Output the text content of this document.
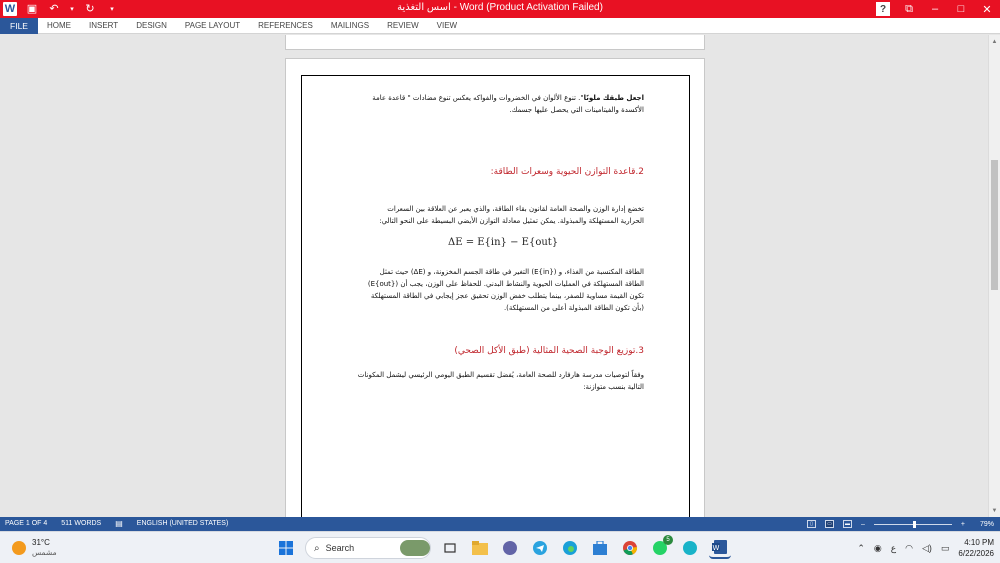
W ▣ ↶	▾ ↻	▾	اسس التغذية - Word (Product Activation Failed)	?	⧉	–	□	✕
FILE	HOME	INSERT	DESIGN	PAGE LAYOUT	REFERENCES	MAILINGS	REVIEW	VIEW
اجعل طبقك ملونًا". تنوع الألوان في الخضروات والفواكه يعكس تنوع مضادات " قاعدة عامة
الأكسدة والفيتامينات التي يحصل عليها جسمك.
2.قاعدة التوازن الحيوية وسعرات الطاقة:
تخضع إدارة الوزن والصحة العامة لقانون بقاء الطاقة، والذي يعبر عن العلاقة بين السعرات
الحرارية المستهلكة والمبذولة. يمكن تمثيل معادلة التوازن الأيضي البسيطة على النحو التالي:
ΔE = E{in} − E{out}
الطاقة المكتسبة من الغذاء، و (E{in}) التغير في طاقة الجسم المخزونة، و (ΔE) حيث تمثل
الطاقة المستهلكة في العمليات الحيوية والنشاط البدني. للحفاظ على الوزن، يجب أن (E{out})
تكون القيمة مساوية للصفر، بينما يتطلب خفض الوزن تحقيق عجز إيجابي في الطاقة المستهلكة
(بأن تكون الطاقة المبذولة أعلى من المستهلكة).
3.توزيع الوجبة الصحية المثالية (طبق الأكل الصحي)
وفقاً لتوصيات مدرسة هارفارد للصحة العامة، يُفضل تقسيم الطبق اليومي الرئيسي ليشمل المكونات
التالية بنسب متوازنة:
▲
▼
PAGE 1 OF 4 511 WORDS ▤ ENGLISH (UNITED STATES)	▯	▭	▬ –	+ 79%
31°C
مشمس	⌕ Search
5
W	⌃ ◉ ع ◠ ◁) ▭	4:10 PM
6/22/2026
